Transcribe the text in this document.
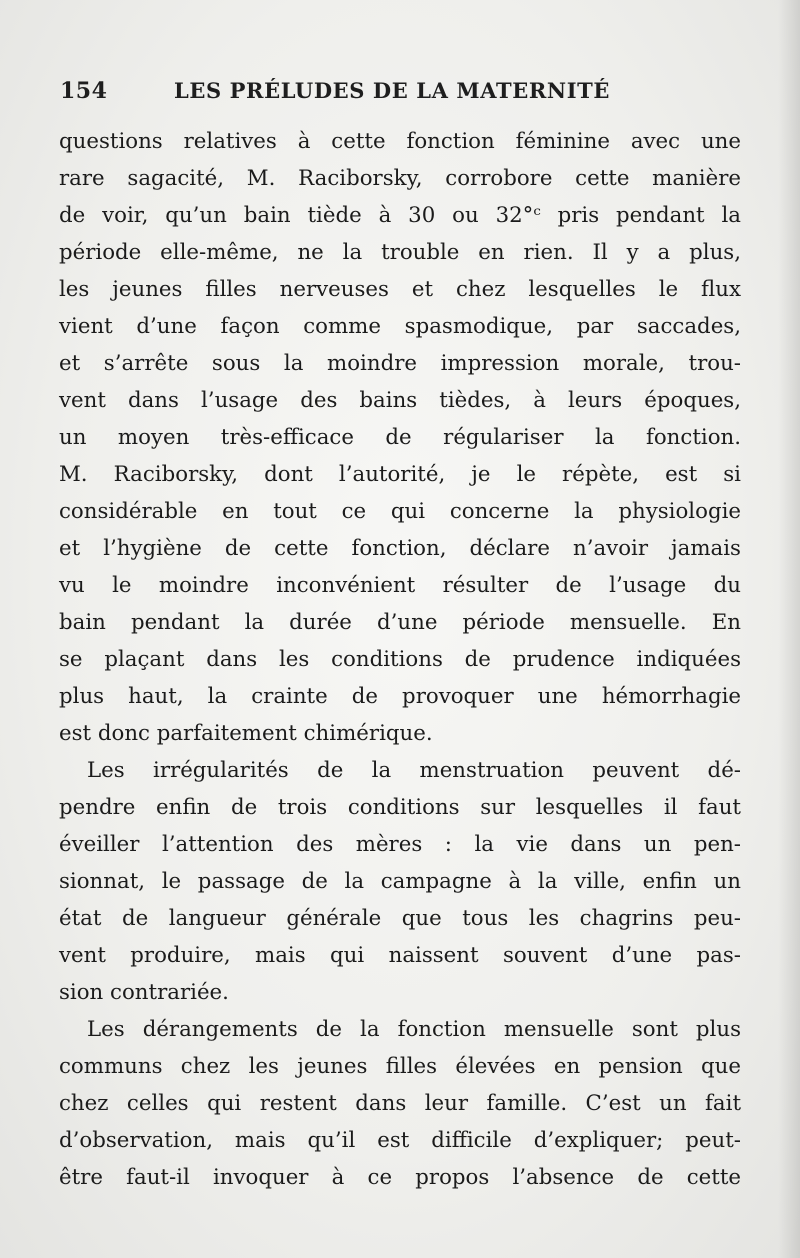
154	LES PRÉLUDES DE LA MATERNITÉ
questions relatives à cette fonction féminine avec une
rare sagacité, M. Raciborsky, corrobore cette manière
de voir, qu’un bain tiède à 30 ou 32°ᶜ pris pendant la
période elle-même, ne la trouble en rien. Il y a plus,
les jeunes filles nerveuses et chez lesquelles le flux
vient d’une façon comme spasmodique, par saccades,
et s’arrête sous la moindre impression morale, trou-
vent dans l’usage des bains tièdes, à leurs époques,
un moyen très-efficace de régulariser la fonction.
M. Raciborsky, dont l’autorité, je le répète, est si
considérable en tout ce qui concerne la physiologie
et l’hygiène de cette fonction, déclare n’avoir jamais
vu le moindre inconvénient résulter de l’usage du
bain pendant la durée d’une période mensuelle. En
se plaçant dans les conditions de prudence indiquées
plus haut, la crainte de provoquer une hémorrhagie
est donc parfaitement chimérique.
Les irrégularités de la menstruation peuvent dé-
pendre enfin de trois conditions sur lesquelles il faut
éveiller l’attention des mères : la vie dans un pen-
sionnat, le passage de la campagne à la ville, enfin un
état de langueur générale que tous les chagrins peu-
vent produire, mais qui naissent souvent d’une pas-
sion contrariée.
Les dérangements de la fonction mensuelle sont plus
communs chez les jeunes filles élevées en pension que
chez celles qui restent dans leur famille. C’est un fait
d’observation, mais qu’il est difficile d’expliquer; peut-
être faut-il invoquer à ce propos l’absence de cette
